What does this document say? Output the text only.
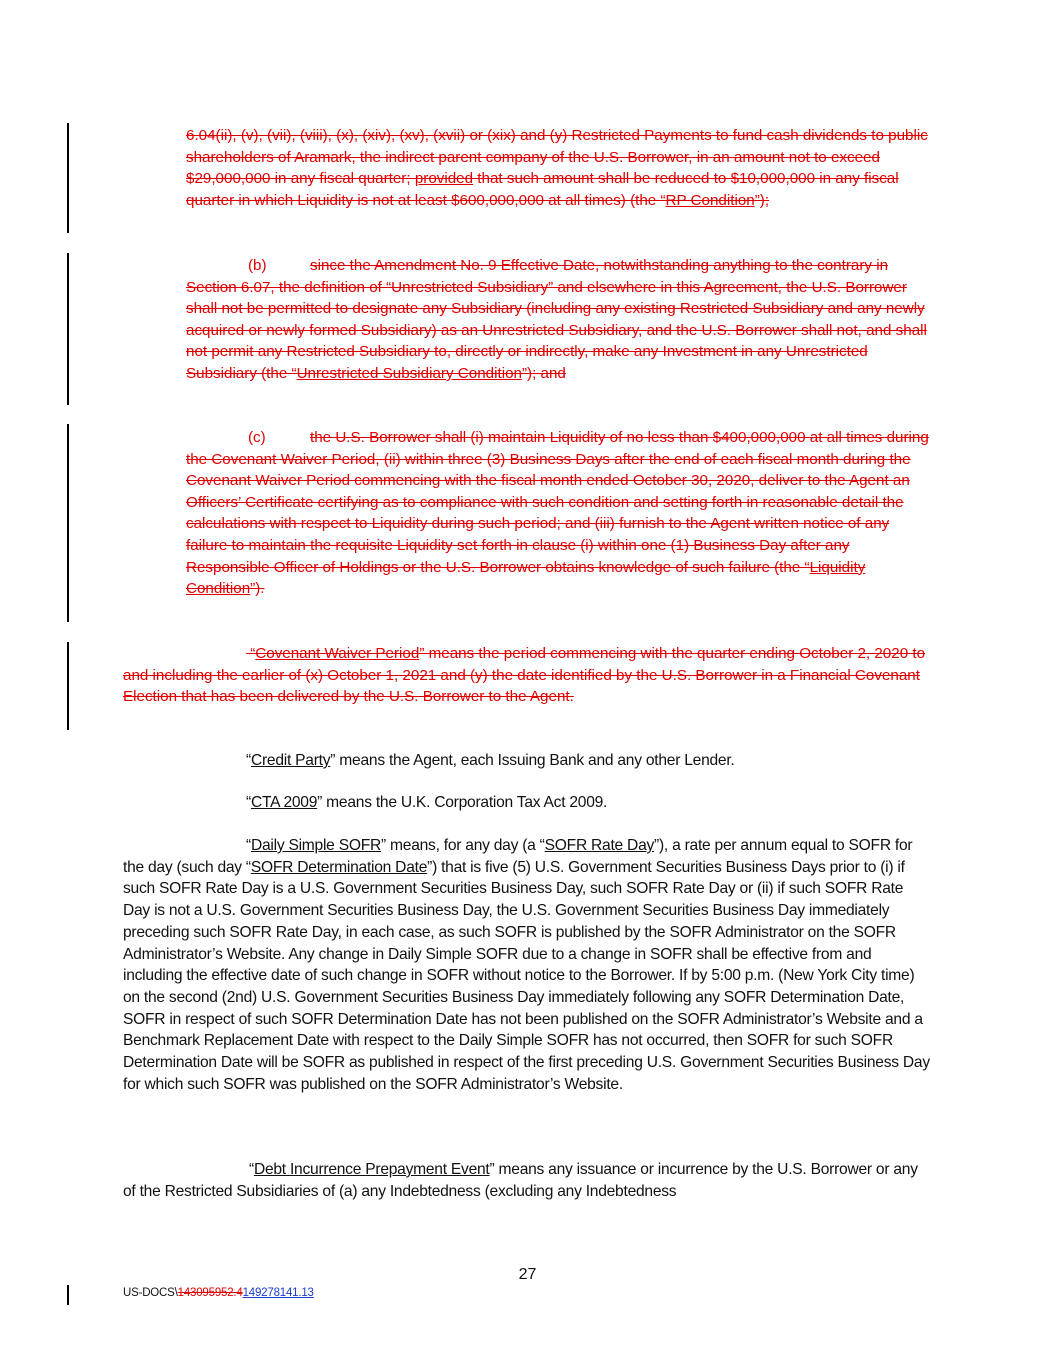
6.04(ii), (v), (vii), (viii), (x), (xiv), (xv), (xvii) or (xix) and (y) Restricted Payments to fund cash dividends to public shareholders of Aramark, the indirect parent company of the U.S. Borrower, in an amount not to exceed $29,000,000 in any fiscal quarter; provided that such amount shall be reduced to $10,000,000 in any fiscal quarter in which Liquidity is not at least $600,000,000 at all times) (the “RP Condition”);

(b)	since the Amendment No. 9 Effective Date, notwithstanding anything to the contrary in Section 6.07, the definition of “Unrestricted Subsidiary” and elsewhere in this Agreement, the U.S. Borrower shall not be permitted to designate any Subsidiary (including any existing Restricted Subsidiary and any newly acquired or newly formed Subsidiary) as an Unrestricted Subsidiary, and the U.S. Borrower shall not, and shall not permit any Restricted Subsidiary to, directly or indirectly, make any Investment in any Unrestricted Subsidiary (the “Unrestricted Subsidiary Condition”); and

(c)	the U.S. Borrower shall (i) maintain Liquidity of no less than $400,000,000 at all times during the Covenant Waiver Period, (ii) within three (3) Business Days after the end of each fiscal month during the Covenant Waiver Period commencing with the fiscal month ended October 30, 2020, deliver to the Agent an Officers’ Certificate certifying as to compliance with such condition and setting forth in reasonable detail the calculations with respect to Liquidity during such period; and (iii) furnish to the Agent written notice of any failure to maintain the requisite Liquidity set forth in clause (i) within one (1) Business Day after any Responsible Officer of Holdings or the U.S. Borrower obtains knowledge of such failure (the “Liquidity Condition”).

“Covenant Waiver Period” means the period commencing with the quarter ending October 2, 2020 to and including the earlier of (x) October 1, 2021 and (y) the date identified by the U.S. Borrower in a Financial Covenant Election that has been delivered by the U.S. Borrower to the Agent.

“Credit Party” means the Agent, each Issuing Bank and any other Lender.

“CTA 2009” means the U.K. Corporation Tax Act 2009.

“Daily Simple SOFR” means, for any day (a “SOFR Rate Day”), a rate per annum equal to SOFR for the day (such day “SOFR Determination Date”) that is five (5) U.S. Government Securities Business Days prior to (i) if such SOFR Rate Day is a U.S. Government Securities Business Day, such SOFR Rate Day or (ii) if such SOFR Rate Day is not a U.S. Government Securities Business Day, the U.S. Government Securities Business Day immediately preceding such SOFR Rate Day, in each case, as such SOFR is published by the SOFR Administrator on the SOFR Administrator’s Website. Any change in Daily Simple SOFR due to a change in SOFR shall be effective from and including the effective date of such change in SOFR without notice to the Borrower. If by 5:00 p.m. (New York City time) on the second (2nd) U.S. Government Securities Business Day immediately following any SOFR Determination Date, SOFR in respect of such SOFR Determination Date has not been published on the SOFR Administrator’s Website and a Benchmark Replacement Date with respect to the Daily Simple SOFR has not occurred, then SOFR for such SOFR Determination Date will be SOFR as published in respect of the first preceding U.S. Government Securities Business Day for which such SOFR was published on the SOFR Administrator’s Website.

“Debt Incurrence Prepayment Event” means any issuance or incurrence by the U.S. Borrower or any of the Restricted Subsidiaries of (a) any Indebtedness (excluding any Indebtedness

27
US-DOCS\143095952.4149278141.13
